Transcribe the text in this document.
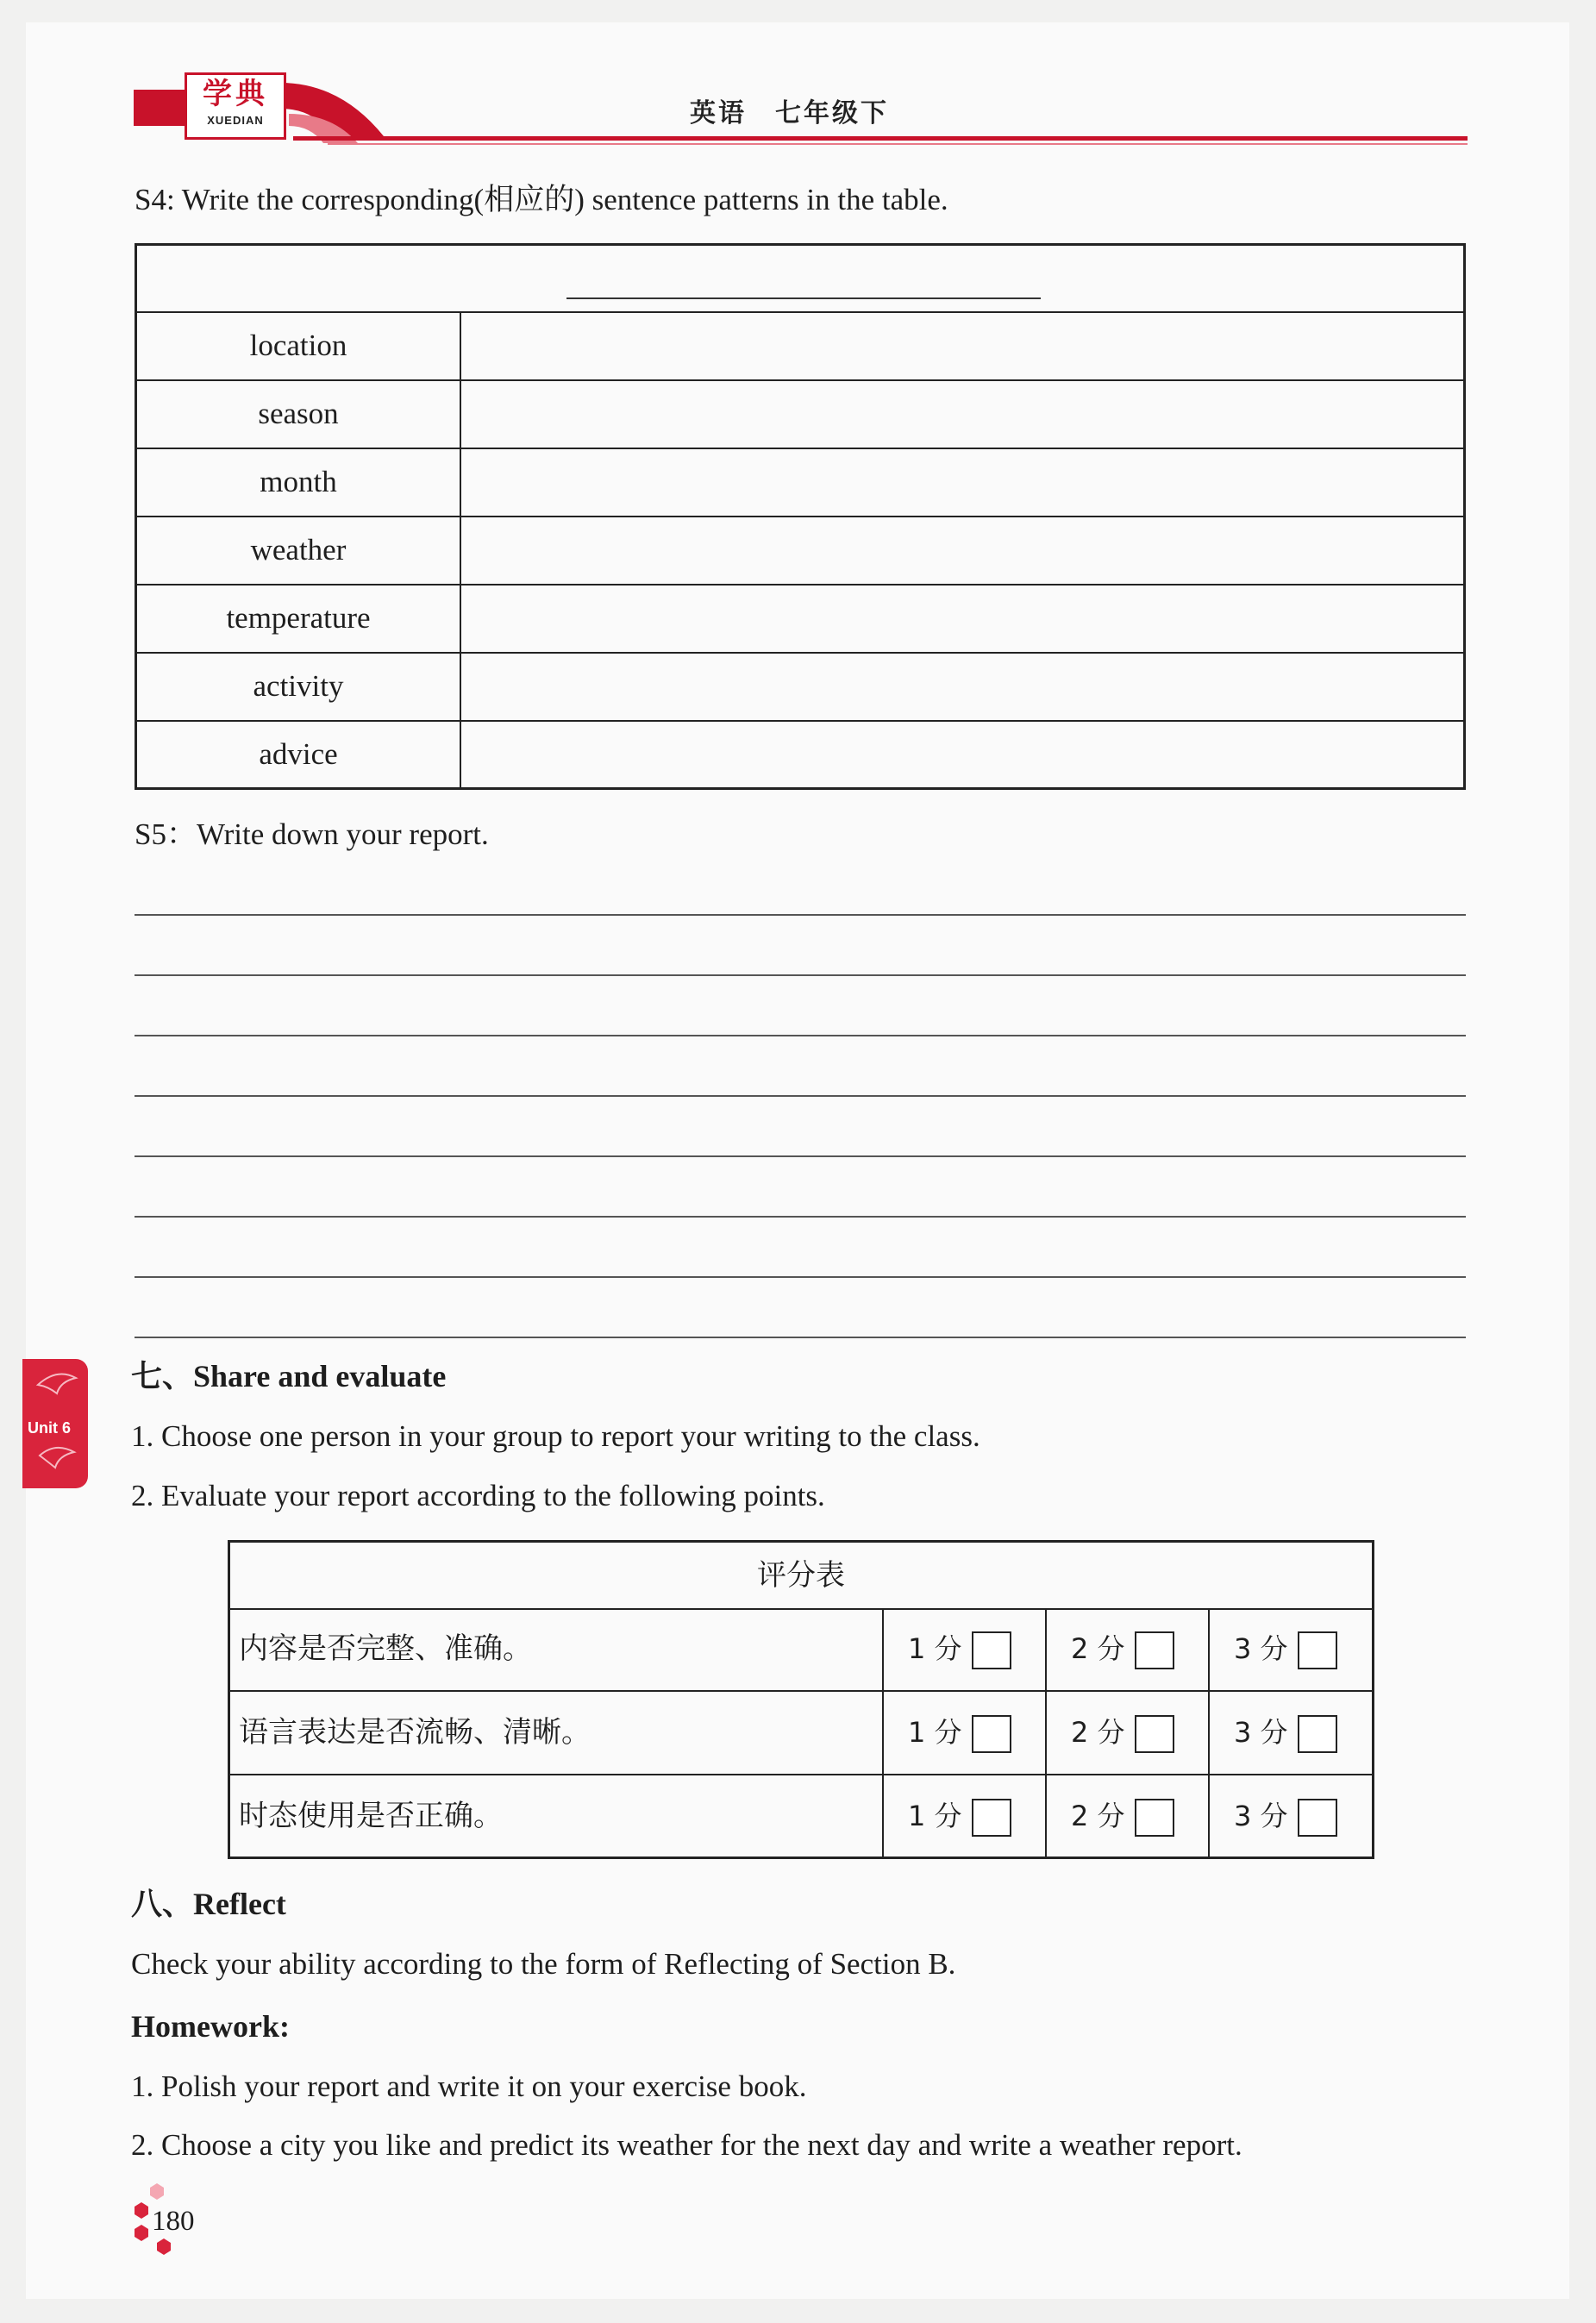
学典
XUEDIAN	英语　七年级下
S4: Write the corresponding(相应的) sentence patterns in the table.
location
season
month
weather
temperature
activity
advice
S5：Write down your report.
Unit 6
七、Share and evaluate
1. Choose one person in your group to report your writing to the class.
2. Evaluate your report according to the following points.
评分表
内容是否完整、准确。	1 分	2 分	3 分
语言表达是否流畅、清晰。	1 分	2 分	3 分
时态使用是否正确。	1 分	2 分	3 分
八、Reflect
Check your ability according to the form of Reflecting of Section B.
Homework:
1. Polish your report and write it on your exercise book.
2. Choose a city you like and predict its weather for the next day and write a weather report.
180
